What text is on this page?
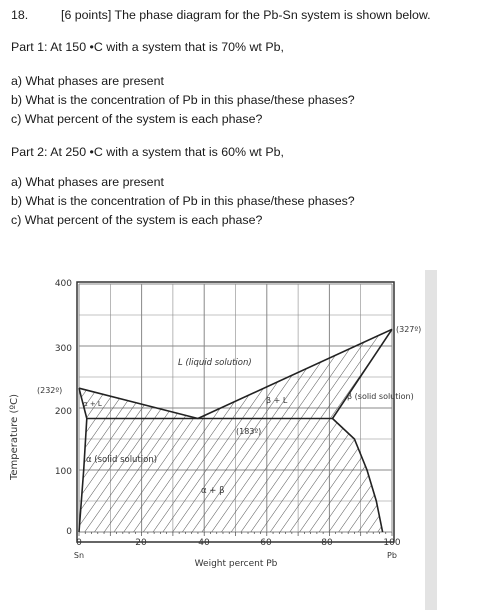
18.	[6 points] The phase diagram for the Pb-Sn system is shown below.
Part 1: At 150 •C with a system that is 70% wt Pb,
a) What phases are present
b) What is the concentration of Pb in this phase/these phases?
c) What percent of the system is each phase?
Part 2: At 250 •C with a system that is 60% wt Pb,
a) What phases are present
b) What is the concentration of Pb in this phase/these phases?
c) What percent of the system is each phase?
Temperature (ºC)
400
300
200
100
0
0	20	40	60	80	100
Sn	Pb
Weight percent Pb
L (liquid solution)
α + L	β + L
α (solid solution)
β (solid solution)
α + β
(232º)
(327º)
(183º)
